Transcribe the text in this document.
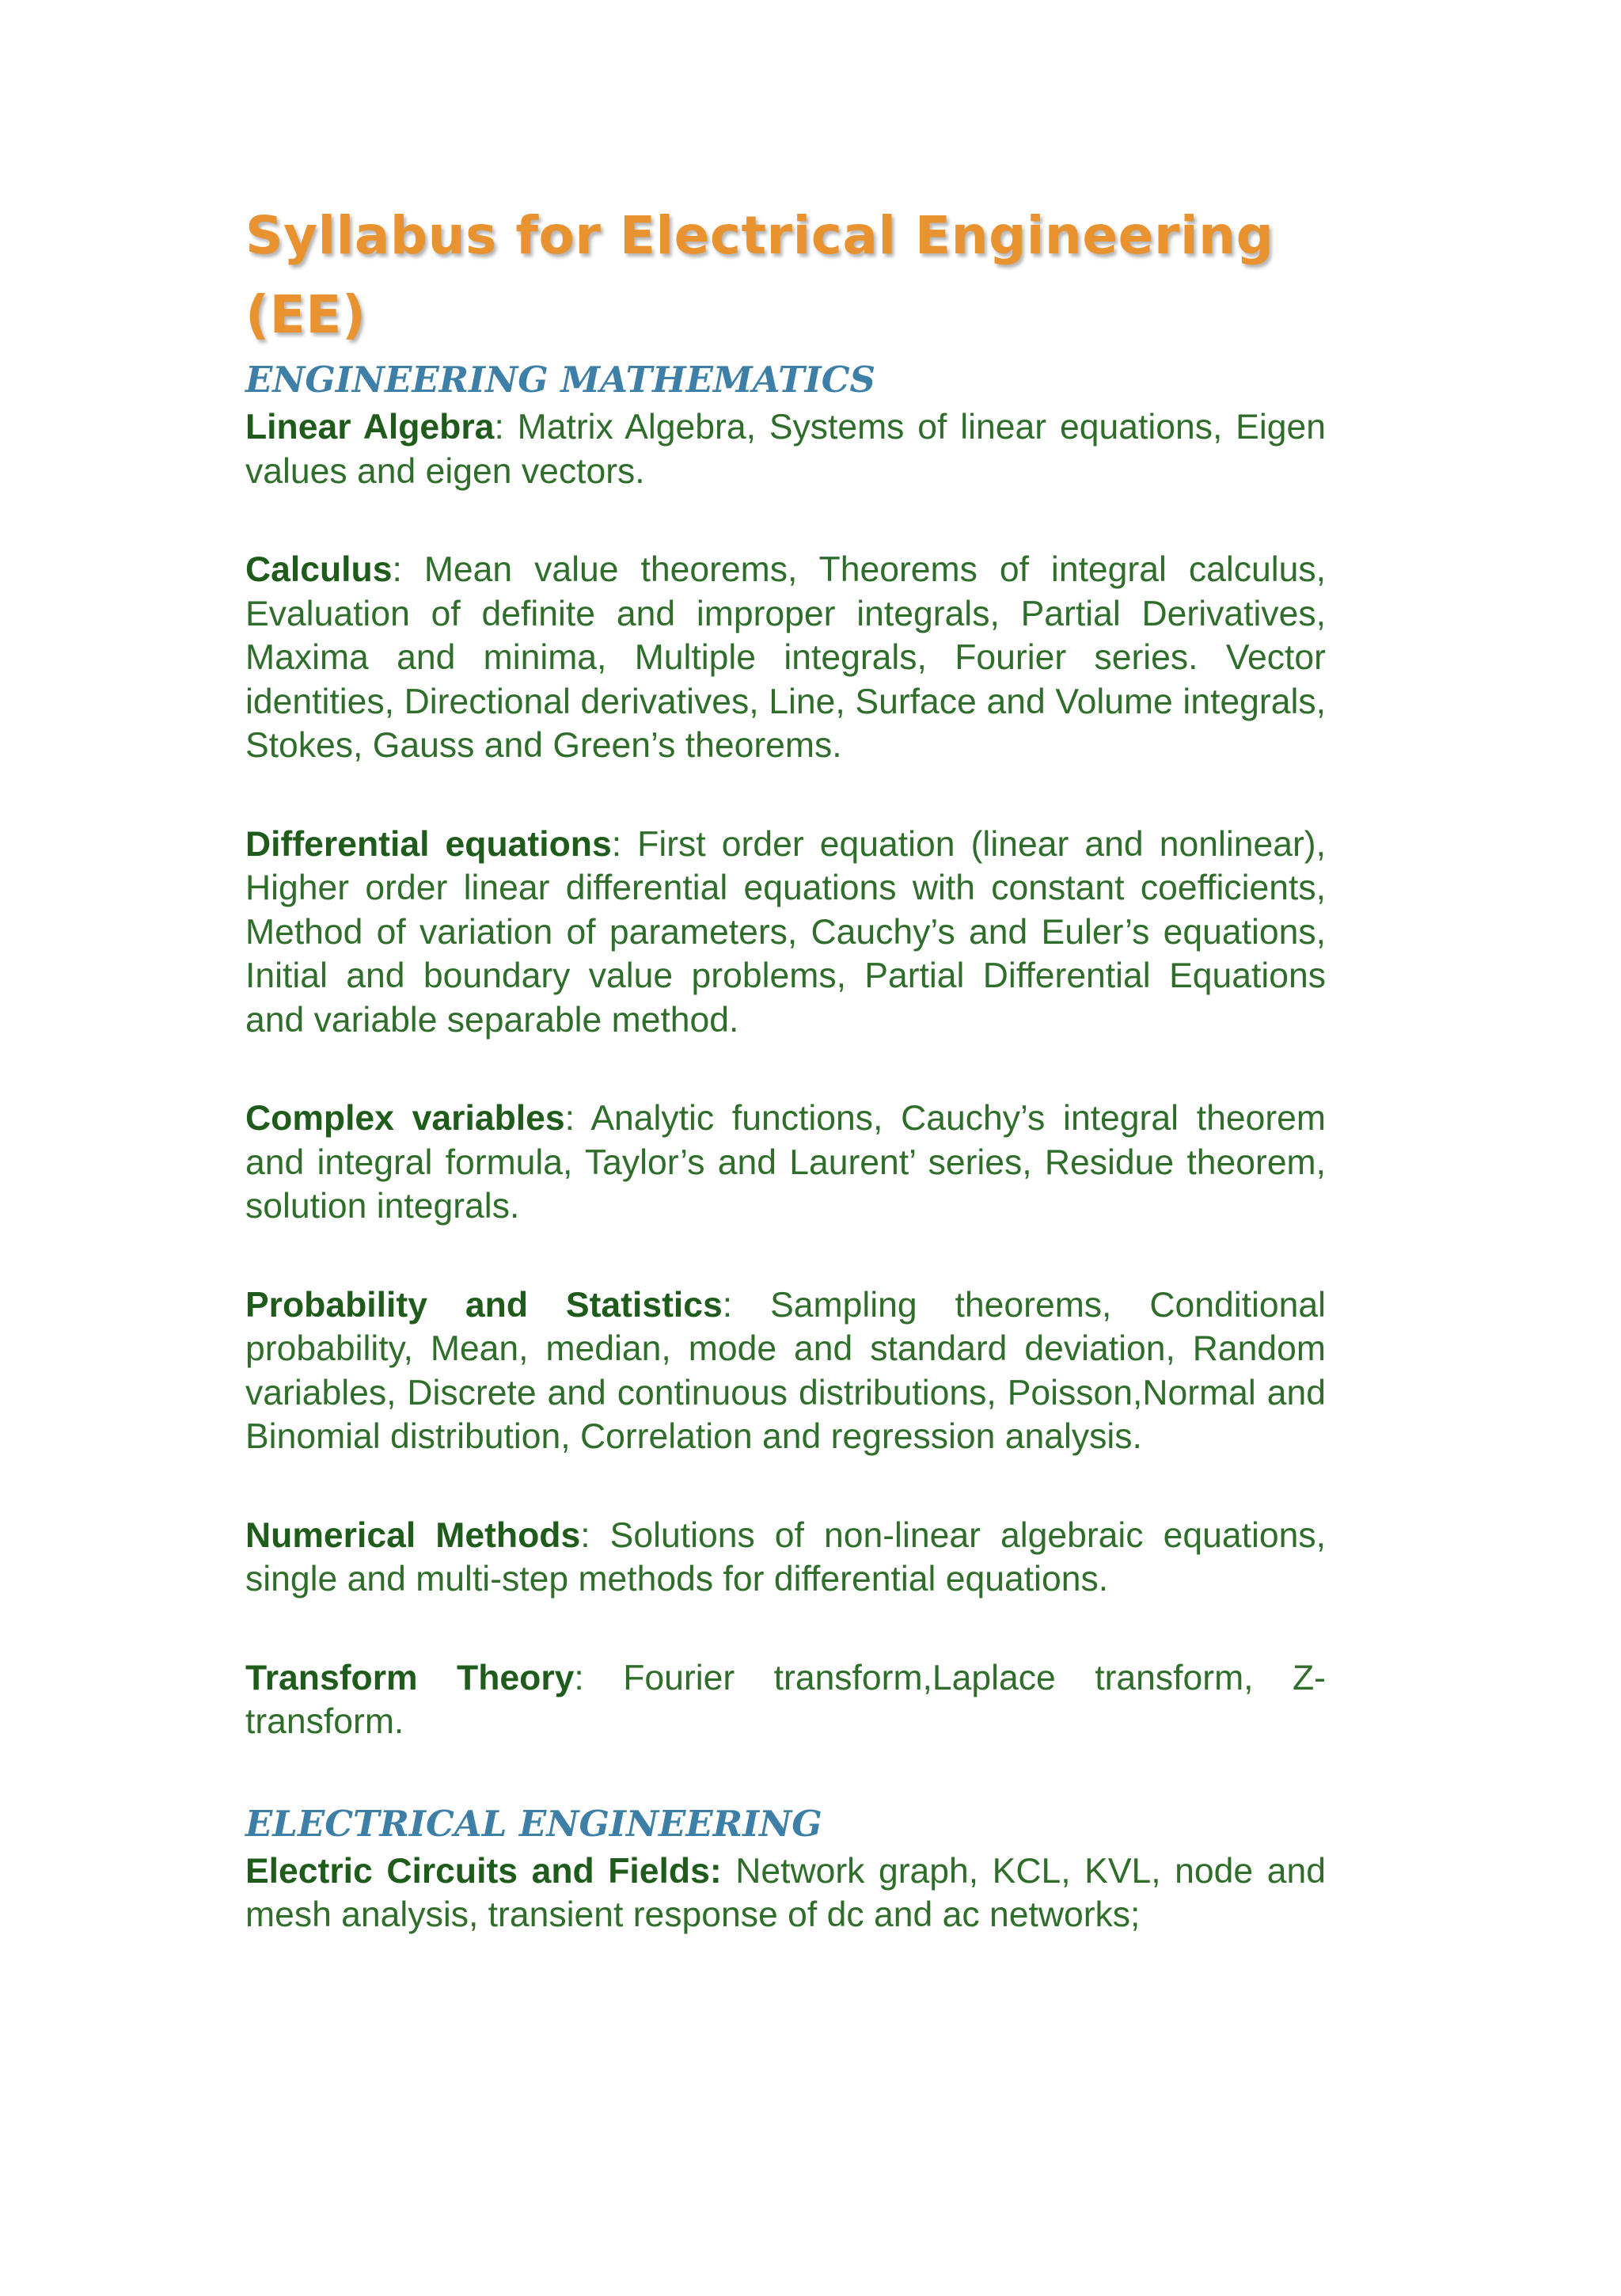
Syllabus for Electrical Engineering (EE)
ENGINEERING MATHEMATICS

Linear Algebra: Matrix Algebra, Systems of linear equations, Eigen values and eigen vectors.

Calculus: Mean value theorems, Theorems of integral calculus, Evaluation of definite and improper integrals, Partial Derivatives, Maxima and minima, Multiple integrals, Fourier series. Vector identities, Directional derivatives, Line, Surface and Volume integrals, Stokes, Gauss and Green’s theorems.

Differential equations: First order equation (linear and nonlinear), Higher order linear differential equations with constant coefficients, Method of variation of parameters, Cauchy’s and Euler’s equations, Initial and boundary value problems, Partial Differential Equations and variable separable method.

Complex variables: Analytic functions, Cauchy’s integral theorem and integral formula, Taylor’s and Laurent’ series, Residue theorem, solution integrals.

Probability and Statistics: Sampling theorems, Conditional probability, Mean, median, mode and standard deviation, Random variables, Discrete and continuous distributions, Poisson,Normal and Binomial distribution, Correlation and regression analysis.

Numerical Methods: Solutions of non-linear algebraic equations, single and multi-step methods for differential equations.

Transform Theory: Fourier transform,Laplace transform, Z-transform.

ELECTRICAL ENGINEERING

Electric Circuits and Fields: Network graph, KCL, KVL, node and mesh analysis, transient response of dc and ac networks;
